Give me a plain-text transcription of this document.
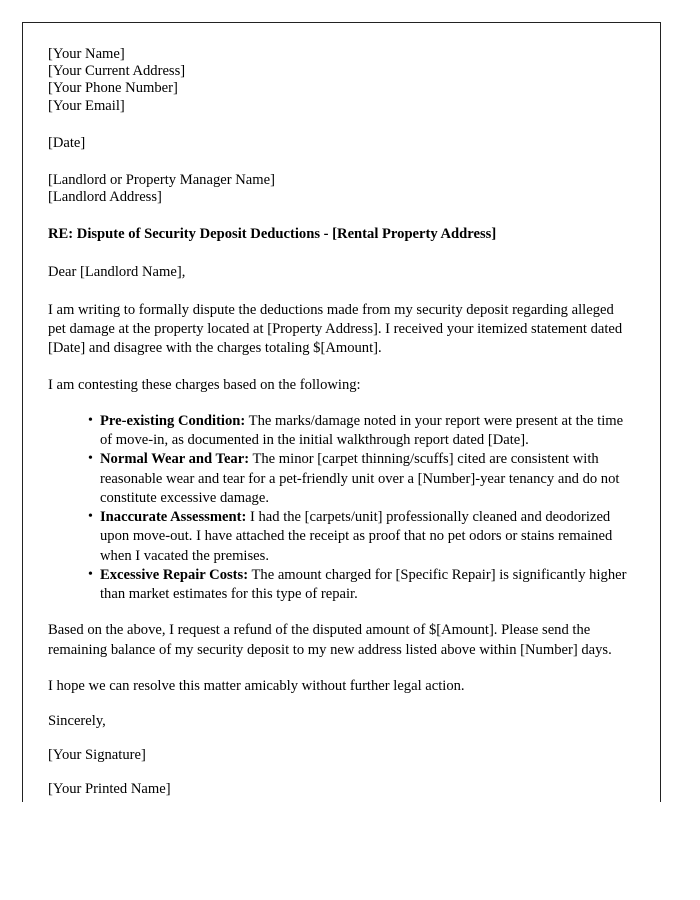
[Your Name]
[Your Current Address]
[Your Phone Number]
[Your Email]
[Date]
[Landlord or Property Manager Name]
[Landlord Address]
RE: Dispute of Security Deposit Deductions - [Rental Property Address]
Dear [Landlord Name],

I am writing to formally dispute the deductions made from my security deposit regarding alleged pet damage at the property located at [Property Address]. I received your itemized statement dated [Date] and disagree with the charges totaling $[Amount].

I am contesting these charges based on the following:

• Pre-existing Condition: The marks/damage noted in your report were present at the time of move-in, as documented in the initial walkthrough report dated [Date].
• Normal Wear and Tear: The minor [carpet thinning/scuffs] cited are consistent with reasonable wear and tear for a pet-friendly unit over a [Number]-year tenancy and do not constitute excessive damage.
• Inaccurate Assessment: I had the [carpets/unit] professionally cleaned and deodorized upon move-out. I have attached the receipt as proof that no pet odors or stains remained when I vacated the premises.
• Excessive Repair Costs: The amount charged for [Specific Repair] is significantly higher than market estimates for this type of repair.

Based on the above, I request a refund of the disputed amount of $[Amount]. Please send the remaining balance of my security deposit to my new address listed above within [Number] days.

I hope we can resolve this matter amicably without further legal action.

Sincerely,
[Your Signature]
[Your Printed Name]
